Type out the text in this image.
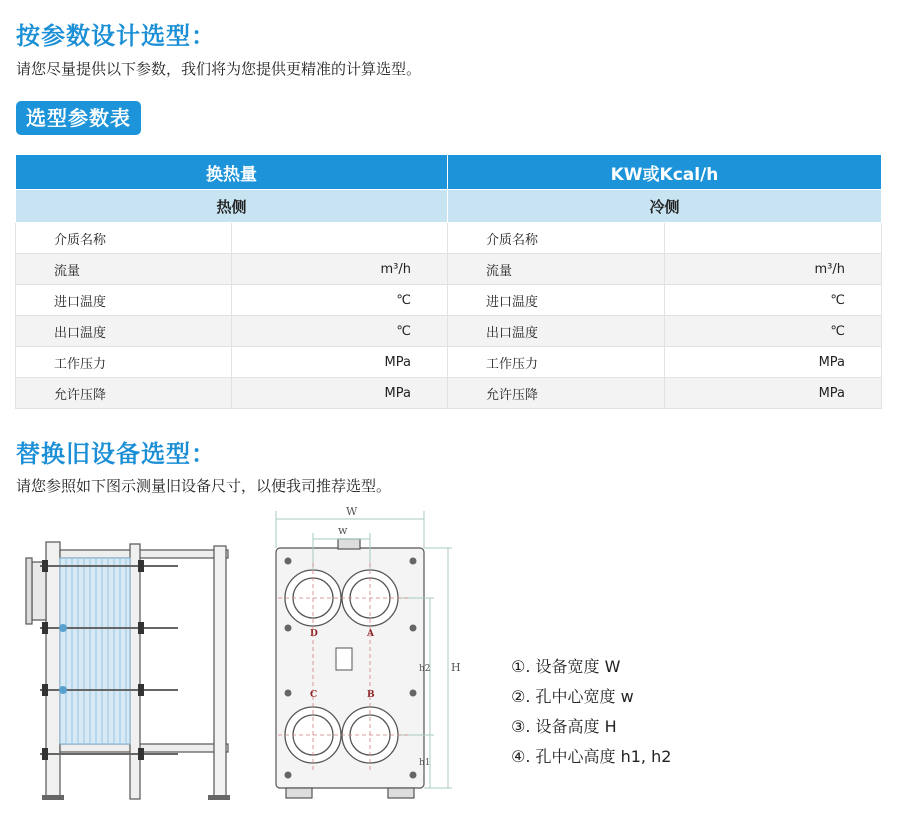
按参数设计选型：
请您尽量提供以下参数，我们将为您提供更精准的计算选型。
选型参数表
换热量		KW或Kcal/h	
热侧		冷侧	
介质名称		介质名称	
流量	m³/h	流量	m³/h
进口温度	℃	进口温度	℃
出口温度	℃	出口温度	℃
工作压力	MPa	工作压力	MPa
允许压降	MPa	允许压降	MPa
替换旧设备选型：
请您参照如下图示测量旧设备尺寸，以便我司推荐选型。
D	A
C	B
W
w
H
h2
h1
①. 设备宽度 W
②. 孔中心宽度 w
③. 设备高度 H
④. 孔中心高度 h1, h2
